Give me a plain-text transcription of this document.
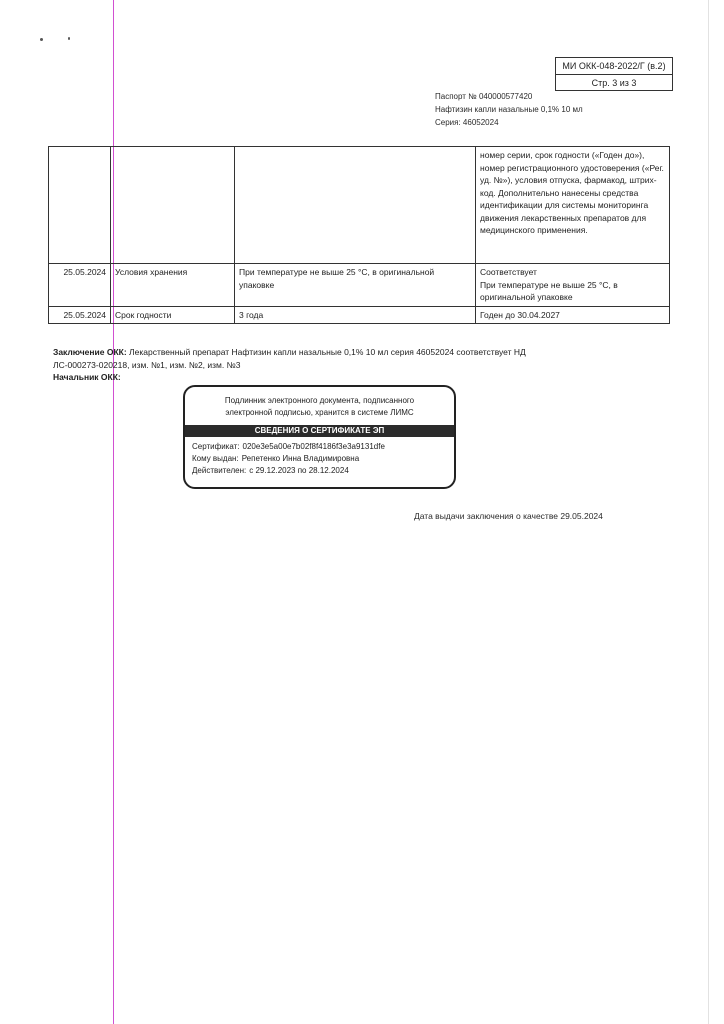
МИ ОКК-048-2022/Г (в.2)
Стр. 3 из 3
Паспорт № 040000577420
Нафтизин капли назальные 0,1% 10 мл
Серия: 46052024
			номер серии, срок годности («Годен до»), номер регистрационного удостоверения («Рег. уд. №»), условия отпуска, фармакод, штрих-код. Дополнительно нанесены средства идентификации для системы мониторинга движения лекарственных препаратов для медицинского применения.
25.05.2024	Условия хранения	При температуре не выше 25 °С, в оригинальной упаковке	Соответствует
При температуре не выше 25 °С, в оригинальной упаковке
25.05.2024	Срок годности	3 года	Годен до 30.04.2027
Заключение ОКК: Лекарственный препарат Нафтизин капли назальные 0,1% 10 мл серия 46052024 соответствует НД
ЛС-000273-020218, изм. №1, изм. №2, изм. №3
Начальник ОКК:
Подлинник электронного документа, подписанного электронной подписью, хранится в системе ЛИМС
СВЕДЕНИЯ О СЕРТИФИКАТЕ ЭП
Сертификат: 020e3e5a00e7b02f8f4186f3e3a9131dfe
Кому выдан: Репетенко Инна Владимировна
Действителен: с 29.12.2023 по 28.12.2024
Дата выдачи заключения о качестве 29.05.2024
